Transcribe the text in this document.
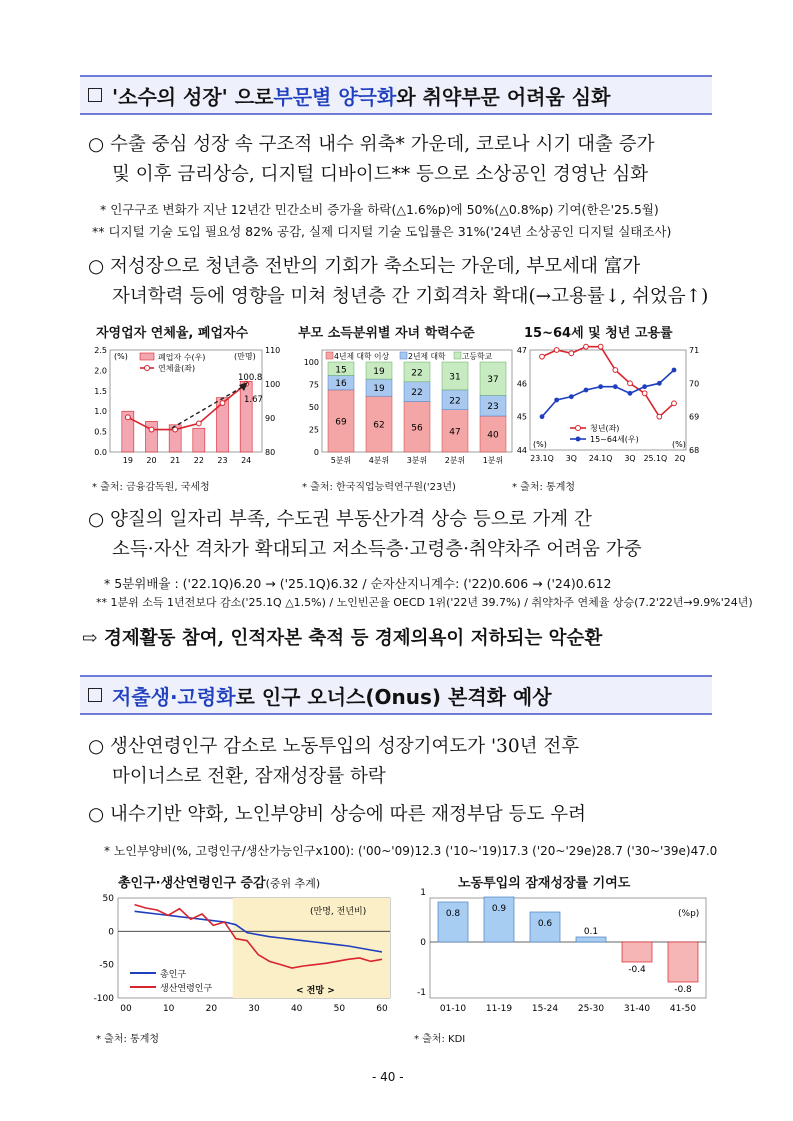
'소수의 성장' 으로 부문별 양극화 와 취약부문 어려움 심화
○ 수출 중심 성장 속 구조적 내수 위축* 가운데, 코로나 시기 대출 증가
및 이후 금리상승, 디지털 디바이드** 등으로 소상공인 경영난 심화
* 인구구조 변화가 지난 12년간 민간소비 증가율 하락(△1.6%p)에 50%(△0.8%p) 기여(한은'25.5월)
** 디지털 기술 도입 필요성 82% 공감, 실제 디지털 기술 도입률은 31%('24년 소상공인 디지털 실태조사)
○ 저성장으로 청년층 전반의 기회가 축소되는 가운데, 부모세대 富가
자녀학력 등에 영향을 미쳐 청년층 간 기회격차 확대(→고용률↓, 쉬었음↑)
자영업자 연체율, 폐업자수	부모 소득분위별 자녀 학력수준	15~64세 및 청년 고용률
0.0
0.5
1.0
1.5
2.0
2.5
80
90
100
110
19 20 21 22 23 24
(%)	(만명)
폐업자 수(우)
연체율(좌)
100.8
1.67
0
25
50
75
100
69
16
15
62
19
19
56
22
22
47
22
31
40
23
37
5분위 4분위 3분위 2분위 1분위
4년제 대학 이상 2년제 대학 고등학교
44
45
46
47
68
69
70
71
23.1Q 3Q 24.1Q 3Q 25.1Q 2Q
(%)	(%)
청년(좌)
15~64세(우)
* 출처: 금융감독원, 국세청	* 출처: 한국직업능력연구원('23년)	* 출처: 통계청
○ 양질의 일자리 부족, 수도권 부동산가격 상승 등으로 가계 간
소득·자산 격차가 확대되고 저소득층·고령층·취약차주 어려움 가중
* 5분위배율 : ('22.1Q)6.20 → ('25.1Q)6.32 / 순자산지니계수: ('22)0.606 → ('24)0.612
** 1분위 소득 1년전보다 감소('25.1Q △1.5%) / 노인빈곤율 OECD 1위('22년 39.7%) / 취약차주 연체율 상승(7.2'22년→9.9%'24년)
⇨ 경제활동 참여, 인적자본 축적 등 경제의욕이 저하되는 악순환
저출생·고령화 로 인구 오너스(Onus) 본격화 예상
○ 생산연령인구 감소로 노동투입의 성장기여도가 '30년 전후
마이너스로 전환, 잠재성장률 하락
○ 내수기반 약화, 노인부양비 상승에 따른 재정부담 등도 우려
* 노인부양비(%, 고령인구/생산가능인구x100): ('00~'09)12.3 ('10~'19)17.3 ('20~'29e)28.7 ('30~'39e)47.0
총인구·생산연령인구 증감(중위 추계)	노동투입의 잠재성장률 기여도
50
0
-50
-100
00	10	20	30	40	50	60
(만명, 전년비)
< 전망 >
총인구
생산연령인구
1
0
-1
0.8	0.9
0.6
0.1
-0.4
-0.8
01-10 11-19 15-24 25-30 31-40 41-50
(%p)
* 출처: 통계청	* 출처: KDI
- 40 -
